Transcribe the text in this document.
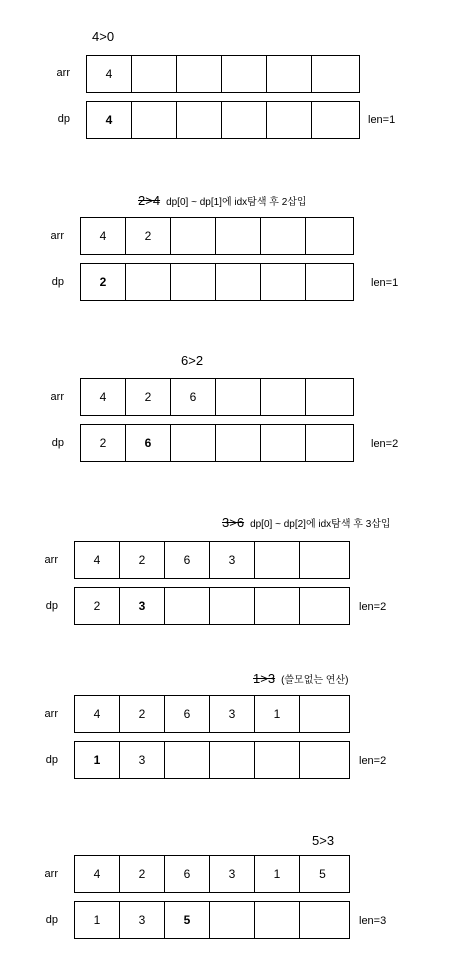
4>0
arr	4
dp	4	len=1
2>4 dp[0] ~ dp[1]에 idx탐색 후 2삽입
arr	4	2
dp	2	len=1
6>2
arr	4	2	6
dp	2	6	len=2
3>6 dp[0] ~ dp[2]에 idx탐색 후 3삽입
arr	4	2	6	3
dp	2	3	len=2
1>3 (쓸모없는 연산)
arr	4	2	6	3	1
dp	1	3	len=2
5>3
arr	4	2	6	3	1	5
dp	1	3	5	len=3
